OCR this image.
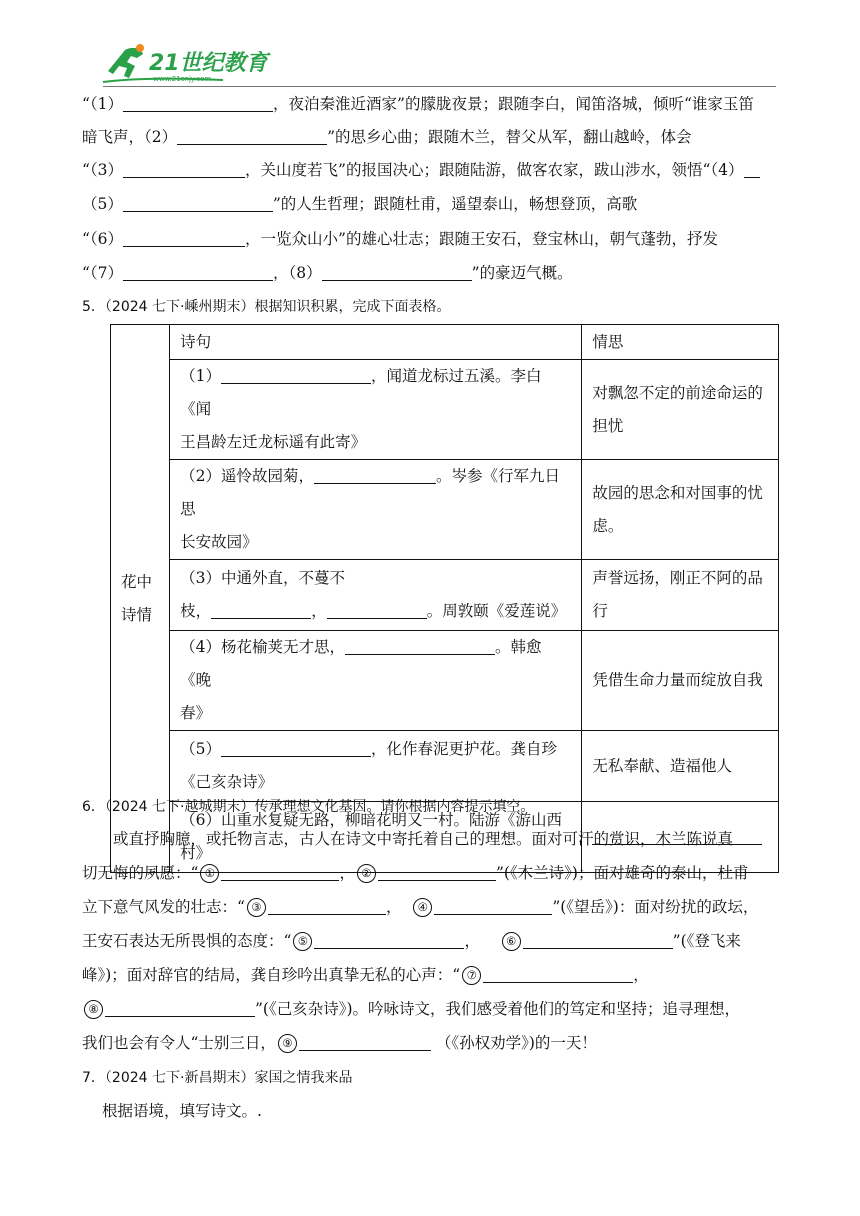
21世纪教育
www.21cnjy.com
“（1）	，夜泊秦淮近酒家”的朦胧夜景；跟随李白，闻笛洛城，倾听“谁家玉笛
暗飞声，（2）	”的思乡心曲；跟随木兰，替父从军，翻山越岭，体会
“（3）	，关山度若飞”的报国决心；跟随陆游，做客农家，跋山涉水，领悟“（4）
（5）	”的人生哲理；跟随杜甫，遥望泰山，畅想登顶，高歌
“（6）	，一览众山小”的雄心壮志；跟随王安石，登宝林山，朝气蓬勃，抒发
“（7）	，（8）	”的豪迈气概。
5．（2024 七下·嵊州期末）根据知识积累，完成下面表格。
花中诗情	诗句	情思
	（1） ，闻道龙标过五溪。李白《闻
王昌龄左迁龙标遥有此寄》	对飘忽不定的前途命运的担忧
	（2）遥怜故园菊， 。岑参《行军九日思
长安故园》	故园的思念和对国事的忧虑。
	（3）中通外直，不蔓不
枝， ， 。周敦颐《爱莲说》	声誉远扬，刚正不阿的品行
	（4）杨花榆荚无才思， 。韩愈《晚
春》	凭借生命力量而绽放自我
	（5） ，化作春泥更护花。龚自珍
《己亥杂诗》	无私奉献、造福他人
	（6）山重水复疑无路，柳暗花明又一村。陆游《游山西
村》	
6．（2024 七下·越城期末）传承理想文化基因。请你根据内容提示填空。
或直抒胸臆，或托物言志，古人在诗文中寄托着自己的理想。面对可汗的赏识，木兰陈说真
切无悔的夙愿：“ ①	， ②	”(《木兰诗》)；面对雄奇的泰山，杜甫
立下意气风发的壮志：“ ③	， ④	”(《望岳》)：面对纷扰的政坛，
王安石表达无所畏惧的态度：“ ⑤	， ⑥	”(《登飞来
峰》)；面对辞官的结局，龚自珍吟出真挚无私的心声：“ ⑦	，
⑧	”(《己亥杂诗》)。吟咏诗文，我们感受着他们的笃定和坚持；追寻理想，
我们也会有令人“士别三日， ⑨	（《孙权劝学》)的一天！
7．（2024 七下·新昌期末）家国之情我来品
根据语境，填写诗文。.
